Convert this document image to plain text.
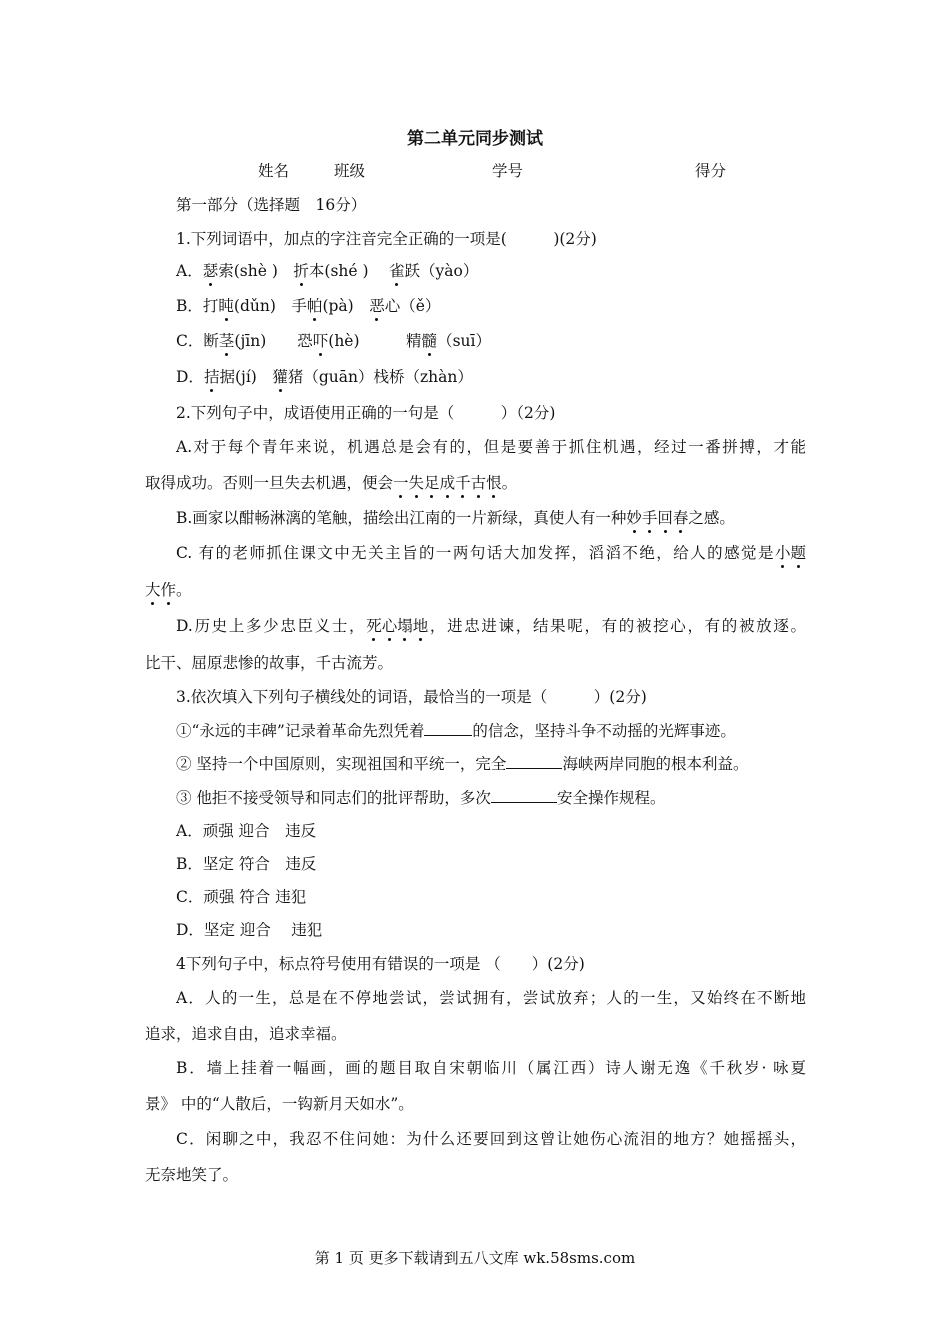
第二单元同步测试
姓名	班级	学号	得分
第一部分（选择题　16分）
1.下列词语中，加点的字注音完全正确的一项是(　　　)(2分)
A．瑟索(shè )　折本(shé )　 雀跃（yào）
B．打盹(dǔn)　手帕(pà)　恶心（ě）
C．断茎(jīn)　　恐吓(hè)　　　精髓（suī）
D．拮据(jí)　獾猪（guān）栈桥（zhàn）
2.下列句子中，成语使用正确的一句是（　　　）（2分)
A.对于每个青年来说，机遇总是会有的，但是要善于抓住机遇，经过一番拼搏，才能
取得成功。否则一旦失去机遇，便会一失足成千古恨。
B.画家以酣畅淋漓的笔触，描绘出江南的一片新绿，真使人有一种妙手回春之感。
C. 有的老师抓住课文中无关主旨的一两句话大加发挥，滔滔不绝，给人的感觉是小题
大作。
D.历史上多少忠臣义士，死心塌地，进忠进谏，结果呢，有的被挖心，有的被放逐。
比干、屈原悲惨的故事，千古流芳。
3.依次填入下列句子横线处的词语，最恰当的一项是（　　　）(2分)
①“永远的丰碑”记录着革命先烈凭着	的信念，坚持斗争不动摇的光辉事迹。
② 坚持一个中国原则，实现祖国和平统一，完全	海峡两岸同胞的根本利益。
③ 他拒不接受领导和同志们的批评帮助，多次	安全操作规程。
A．顽强 迎合　违反
B．坚定 符合　违反
C．顽强 符合 违犯
D．坚定 迎合　 违犯
4下列句子中，标点符号使用有错误的一项是 （　　）(2分)
A．人的一生，总是在不停地尝试，尝试拥有，尝试放弃；人的一生，又始终在不断地
追求，追求自由，追求幸福。
B．墙上挂着一幅画，画的题目取自宋朝临川（属江西）诗人谢无逸《千秋岁· 咏夏
景》 中的“人散后，一钩新月天如水”。
C．闲聊之中，我忍不住问她：为什么还要回到这曾让她伤心流泪的地方？她摇摇头，
无奈地笑了。
第 1 页 更多下载请到五八文库 wk.58sms.com
